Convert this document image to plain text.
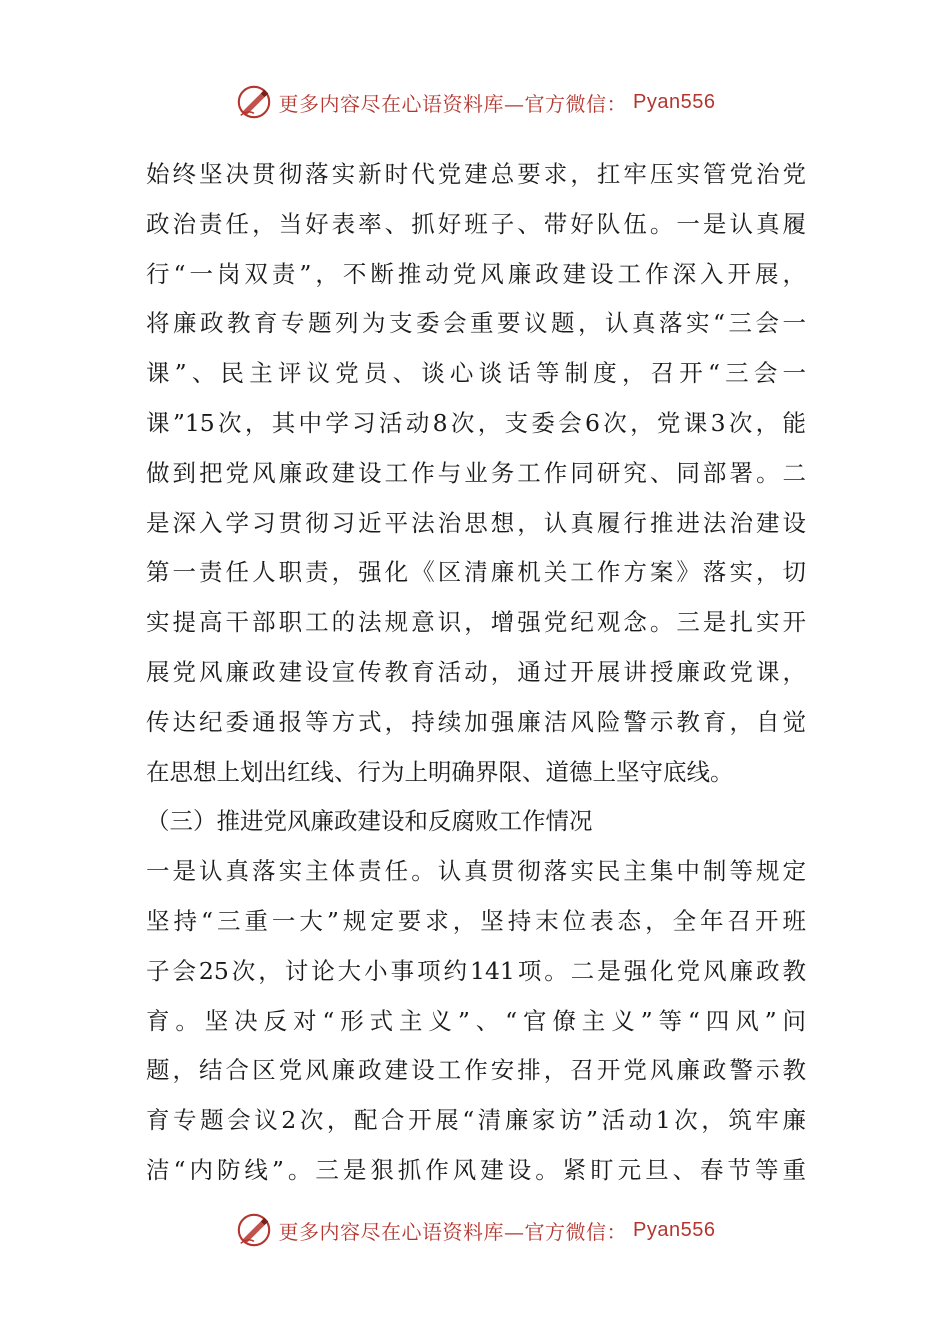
更多内容尽在心语资料库—官方微信： Pyan556
始终坚决贯彻落实新时代党建总要求，扛牢压实管党治党
政治责任，当好表率、抓好班子、带好队伍。一是认真履
行“一岗双责”，不断推动党风廉政建设工作深入开展，
将廉政教育专题列为支委会重要议题，认真落实“三会一
课”、民主评议党员、谈心谈话等制度，召开“三会一
课”15次，其中学习活动8次，支委会6次，党课3次，能
做到把党风廉政建设工作与业务工作同研究、同部署。二
是深入学习贯彻习近平法治思想，认真履行推进法治建设
第一责任人职责，强化《区清廉机关工作方案》落实，切
实提高干部职工的法规意识，增强党纪观念。三是扎实开
展党风廉政建设宣传教育活动，通过开展讲授廉政党课，
传达纪委通报等方式，持续加强廉洁风险警示教育，自觉
在思想上划出红线、行为上明确界限、道德上坚守底线。
（三）推进党风廉政建设和反腐败工作情况
一是认真落实主体责任。认真贯彻落实民主集中制等规定
坚持“三重一大”规定要求，坚持末位表态，全年召开班
子会25次，讨论大小事项约141项。二是强化党风廉政教
育。坚决反对“形式主义”、“官僚主义”等“四风”问
题，结合区党风廉政建设工作安排，召开党风廉政警示教
育专题会议2次，配合开展“清廉家访”活动1次，筑牢廉
洁“内防线”。三是狠抓作风建设。紧盯元旦、春节等重
更多内容尽在心语资料库—官方微信： Pyan556
